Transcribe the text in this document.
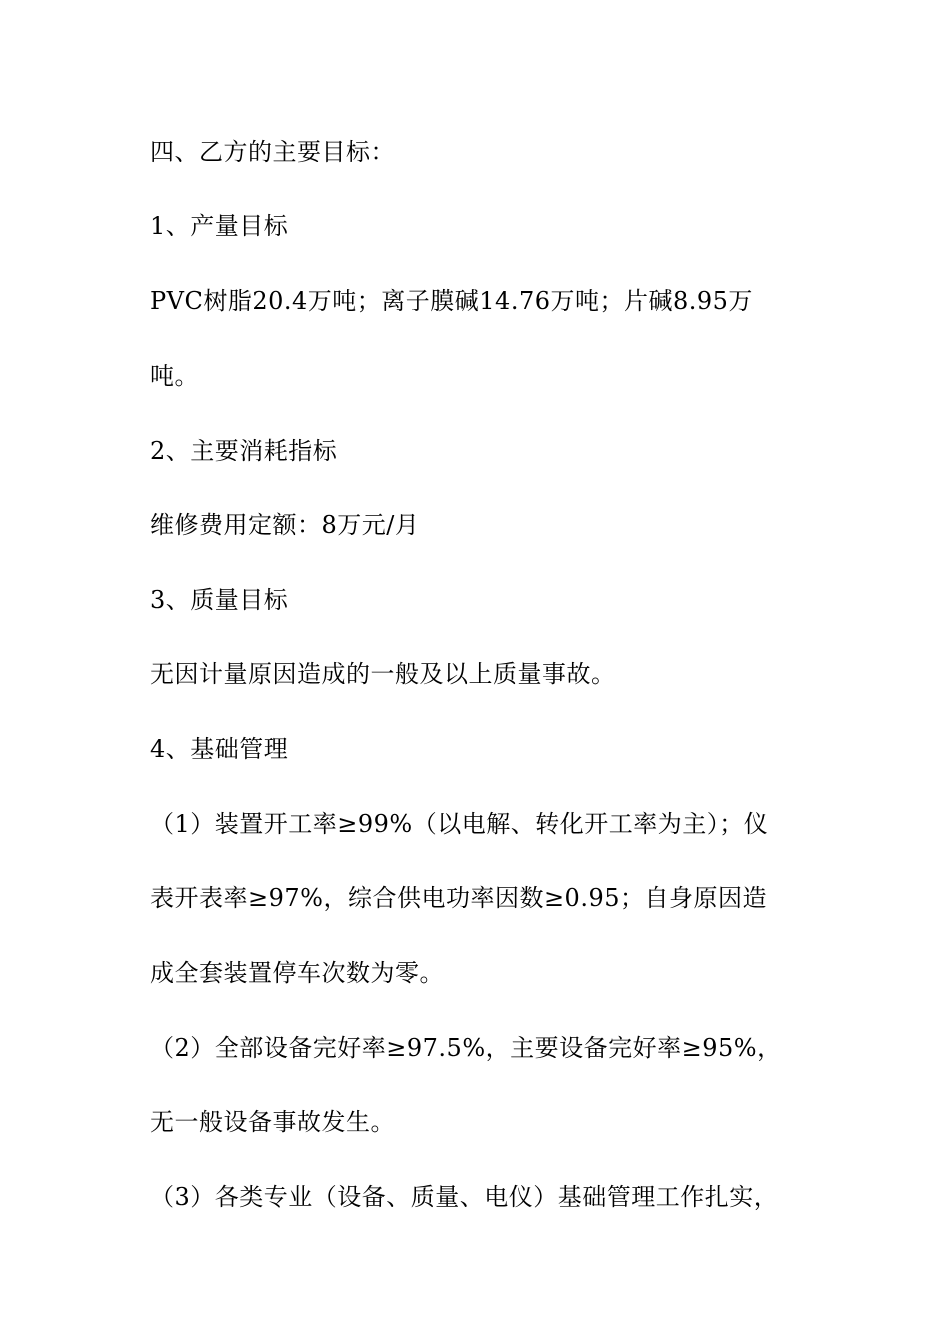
四、乙方的主要目标：
1、产量目标
PVC树脂20.4万吨；离子膜碱14.76万吨；片碱8.95万
吨。
2、主要消耗指标
维修费用定额：8万元/月
3、质量目标
无因计量原因造成的一般及以上质量事故。
4、基础管理
（1）装置开工率≥99%（以电解、转化开工率为主）；仪
表开表率≥97%，综合供电功率因数≥0.95；自身原因造
成全套装置停车次数为零。
（2）全部设备完好率≥97.5%，主要设备完好率≥95%，
无一般设备事故发生。
（3）各类专业（设备、质量、电仪）基础管理工作扎实，
